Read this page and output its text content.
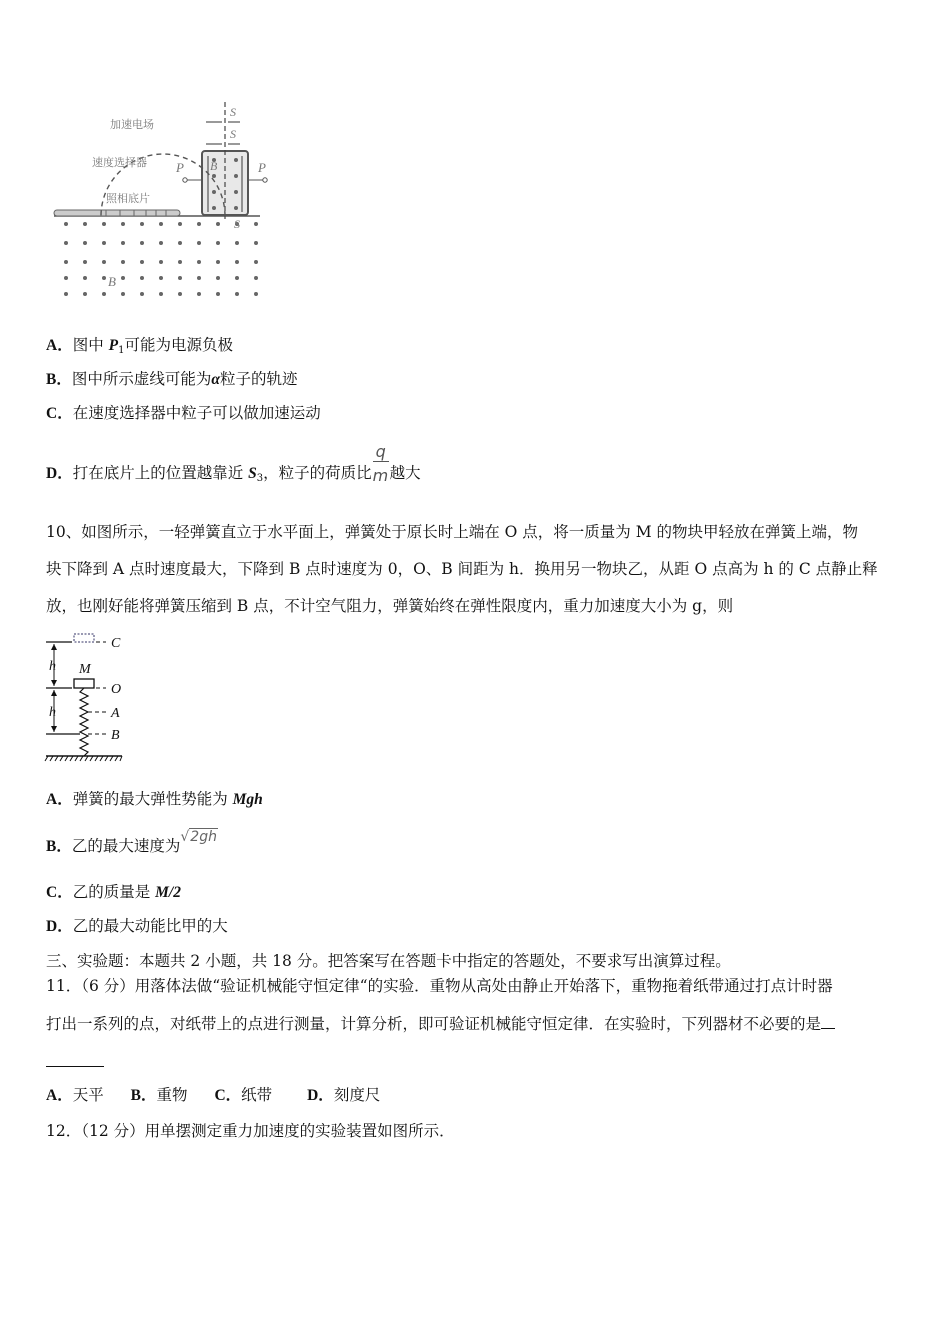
加速电场
速度选择器
照相底片
S
S
S
P	P
B
B
A．图中 $P_1$可能为电源负极
B．图中所示虚线可能为α粒子的轨迹
C．在速度选择器中粒子可以做加速运动
D．打在底片上的位置越靠近 $S_3$，粒子的荷质比 $\frac{q}{m}$ 越大
10、如图所示，一轻弹簧直立于水平面上，弹簧处于原长时上端在 O 点，将一质量为 M 的物块甲轻放在弹簧上端，物
块下降到 A 点时速度最大，下降到 B 点时速度为 0，O、B 间距为 h．换用另一物块乙，从距 O 点高为 h 的 C 点静止释
放，也刚好能将弹簧压缩到 B 点，不计空气阻力，弹簧始终在弹性限度内，重力加速度大小为 g，则
C
M
O
A
B
h
h
A．弹簧的最大弹性势能为 Mgh
B．乙的最大速度为√2gh
C．乙的质量是 M/2
D．乙的最大动能比甲的大
三、实验题：本题共 2 小题，共 18 分。把答案写在答题卡中指定的答题处，不要求写出演算过程。
11．（6 分）用落体法做“验证机械能守恒定律“的实验．重物从高处由静止开始落下，重物拖着纸带通过打点计时器
打出一系列的点，对纸带上的点进行测量，计算分析，即可验证机械能守恒定律．在实验时，下列器材不必要的是
A．天平 B．重物 C．纸带 D．刻度尺
12．（12 分）用单摆测定重力加速度的实验装置如图所示．
